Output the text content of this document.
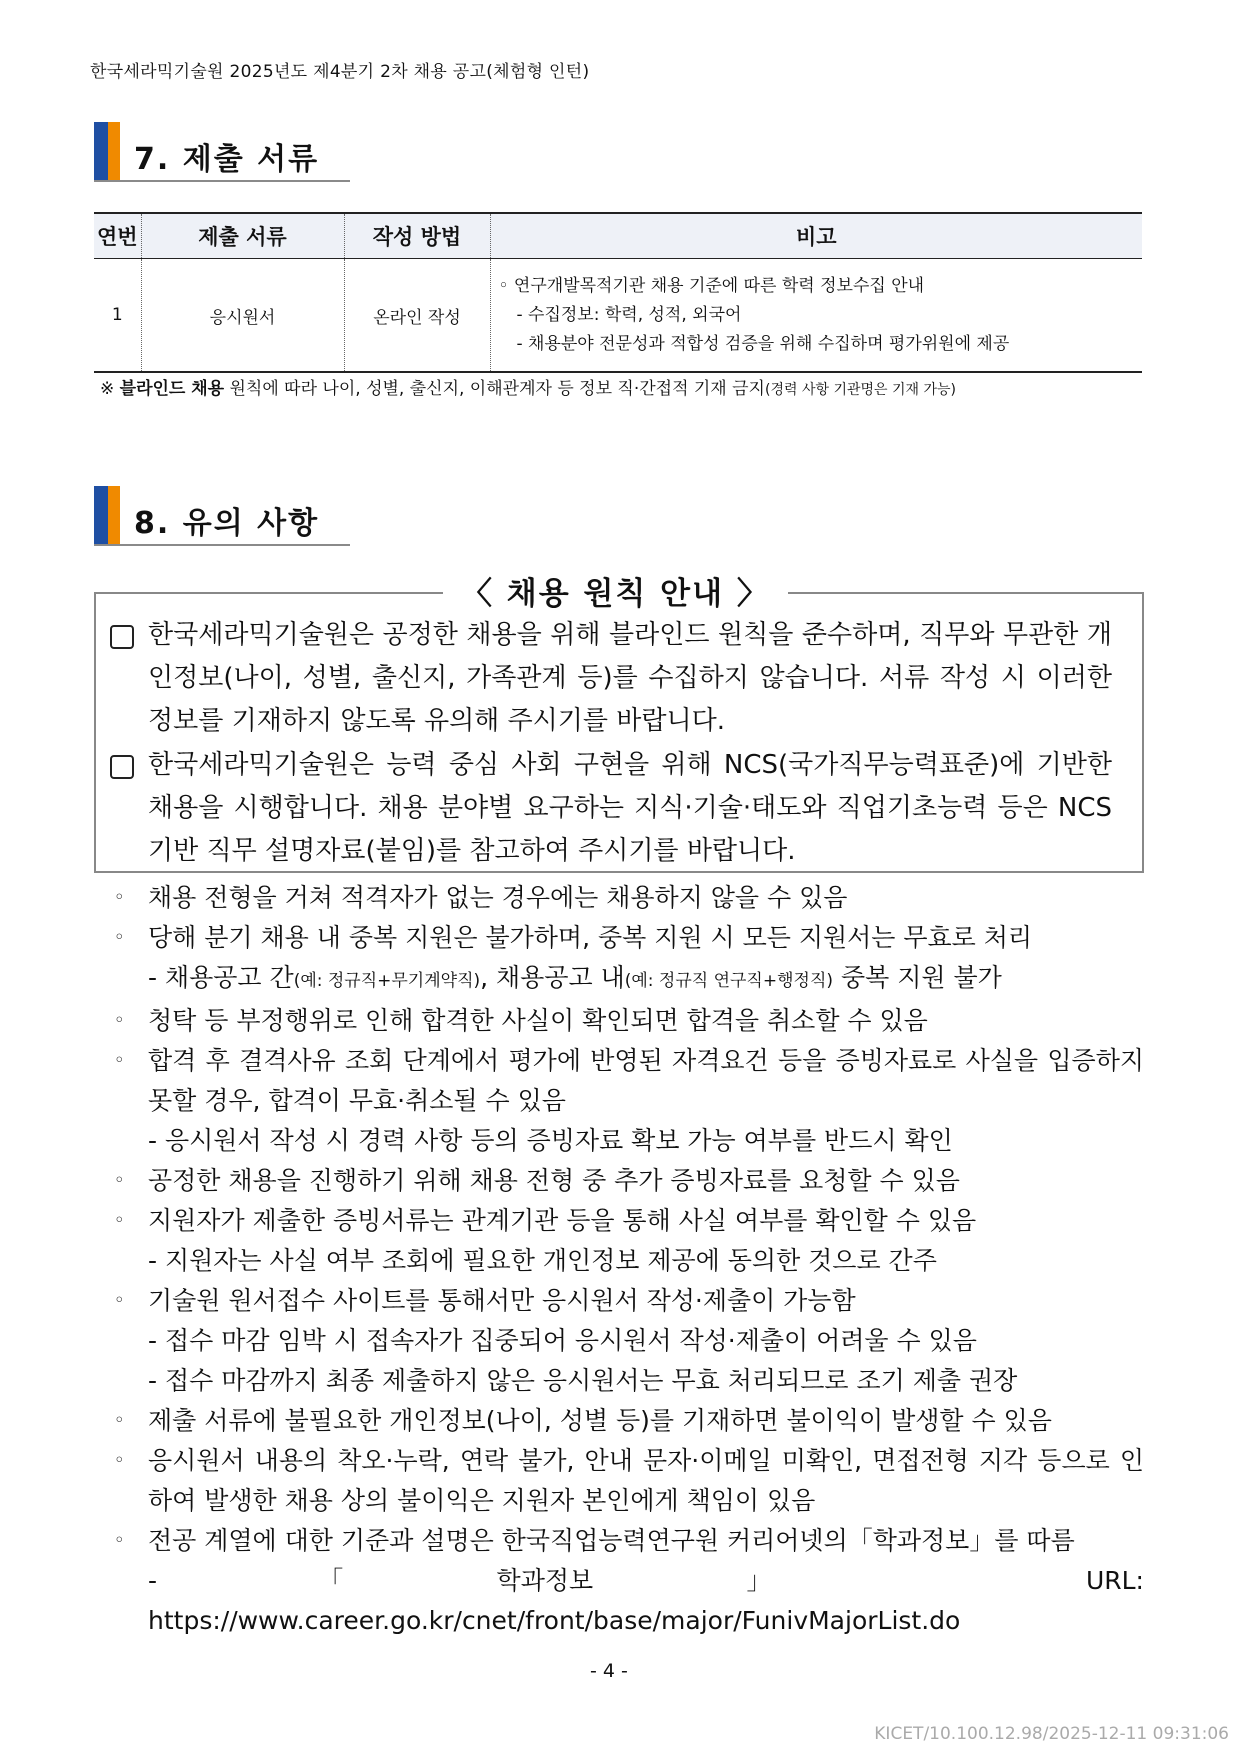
한국세라믹기술원 2025년도 제4분기 2차 채용 공고(체험형 인턴)
7. 제출 서류
연번	제출 서류	작성 방법	비고
1	응시원서	온라인 작성	◦ 연구개발목적기관 채용 기준에 따른 학력 정보수집 안내
- 수집정보: 학력, 성적, 외국어
- 채용분야 전문성과 적합성 검증을 위해 수집하며 평가위원에 제공
※ 블라인드 채용 원칙에 따라 나이, 성별, 출신지, 이해관계자 등 정보 직·간접적 기재 금지(경력 사항 기관명은 기재 가능)
8. 유의 사항
한국세라믹기술원은 공정한 채용을 위해 블라인드 원칙을 준수하며, 직무와 무관한 개인정보(나이, 성별, 출신지, 가족관계 등)를 수집하지 않습니다. 서류 작성 시 이러한 정보를 기재하지 않도록 유의해 주시기를 바랍니다.
한국세라믹기술원은 능력 중심 사회 구현을 위해 NCS(국가직무능력표준)에 기반한 채용을 시행합니다. 채용 분야별 요구하는 지식·기술·태도와 직업기초능력 등은 NCS 기반 직무 설명자료(붙임)를 참고하여 주시기를 바랍니다.
〈 채용 원칙 안내 〉
◦ 채용 전형을 거쳐 적격자가 없는 경우에는 채용하지 않을 수 있음
◦ 당해 분기 채용 내 중복 지원은 불가하며, 중복 지원 시 모든 지원서는 무효로 처리
- 채용공고 간(예: 정규직+무기계약직), 채용공고 내(예: 정규직 연구직+행정직) 중복 지원 불가
◦ 청탁 등 부정행위로 인해 합격한 사실이 확인되면 합격을 취소할 수 있음
◦ 합격 후 결격사유 조회 단계에서 평가에 반영된 자격요건 등을 증빙자료로 사실을 입증하지 못할 경우, 합격이 무효·취소될 수 있음
- 응시원서 작성 시 경력 사항 등의 증빙자료 확보 가능 여부를 반드시 확인
◦ 공정한 채용을 진행하기 위해 채용 전형 중 추가 증빙자료를 요청할 수 있음
◦ 지원자가 제출한 증빙서류는 관계기관 등을 통해 사실 여부를 확인할 수 있음
- 지원자는 사실 여부 조회에 필요한 개인정보 제공에 동의한 것으로 간주
◦ 기술원 원서접수 사이트를 통해서만 응시원서 작성·제출이 가능함
- 접수 마감 임박 시 접속자가 집중되어 응시원서 작성·제출이 어려울 수 있음
- 접수 마감까지 최종 제출하지 않은 응시원서는 무효 처리되므로 조기 제출 권장
◦ 제출 서류에 불필요한 개인정보(나이, 성별 등)를 기재하면 불이익이 발생할 수 있음
◦ 응시원서 내용의 착오·누락, 연락 불가, 안내 문자·이메일 미확인, 면접전형 지각 등으로 인하여 발생한 채용 상의 불이익은 지원자 본인에게 책임이 있음
◦ 전공 계열에 대한 기준과 설명은 한국직업능력연구원 커리어넷의「학과정보」를 따름
-	「학과정보」 URL: https://www.career.go.kr/cnet/front/base/major/FunivMajorList.do
- 4 -
KICET/10.100.12.98/2025-12-11 09:31:06
